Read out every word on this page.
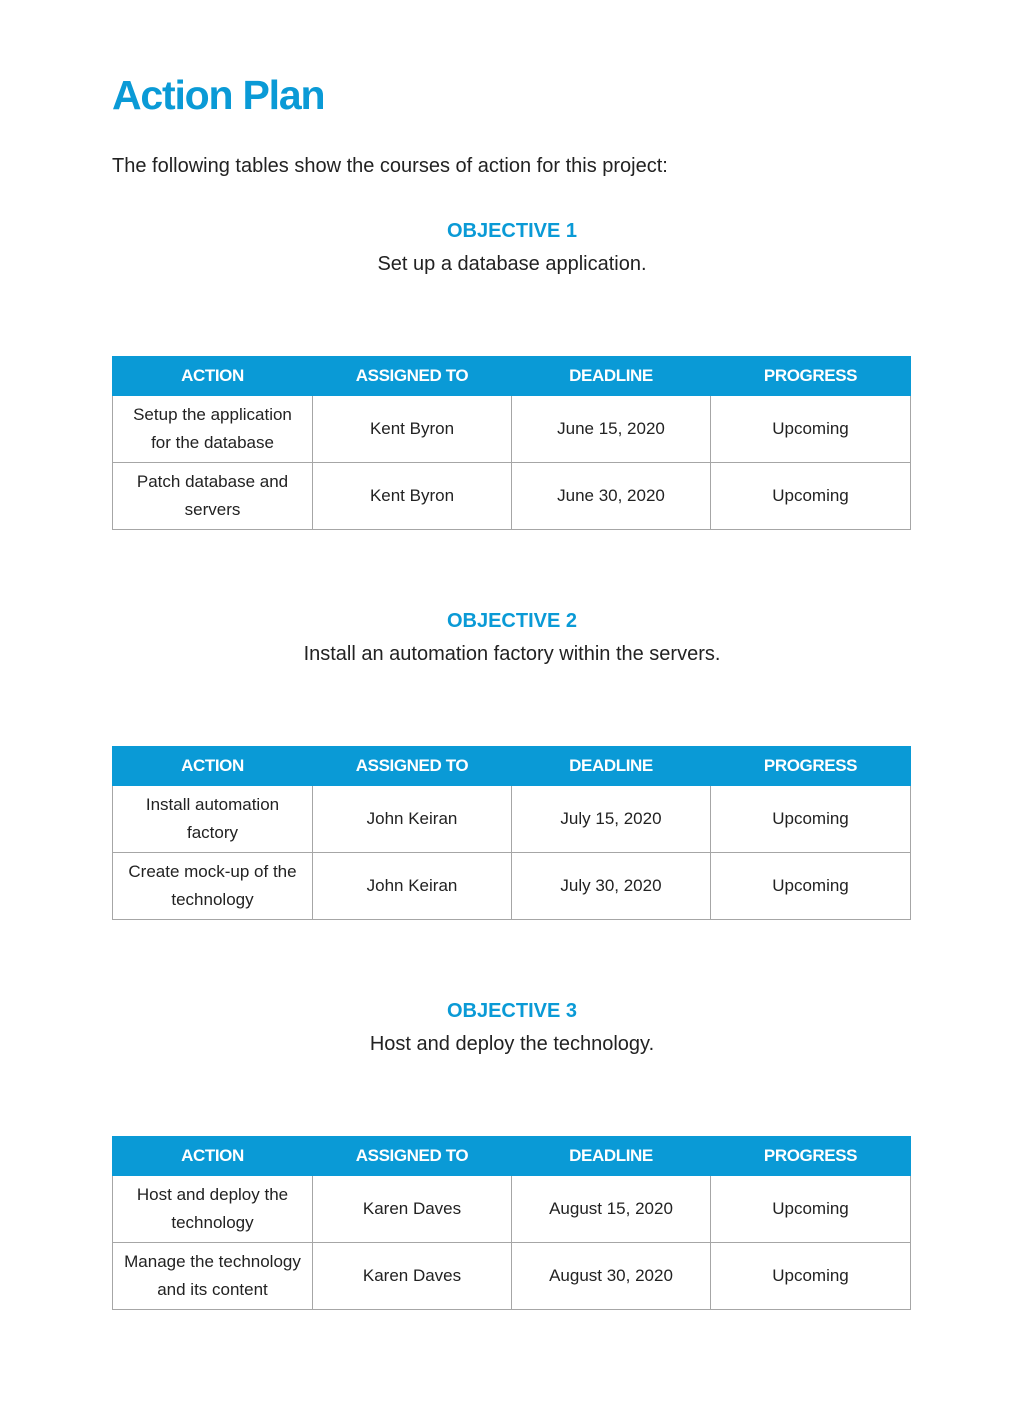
Action Plan

The following tables show the courses of action for this project:

OBJECTIVE 1
Set up a database application.
ACTION	ASSIGNED TO	DEADLINE	PROGRESS
Setup the application for the database	Kent Byron	June 15, 2020	Upcoming
Patch database and servers	Kent Byron	June 30, 2020	Upcoming
OBJECTIVE 2
Install an automation factory within the servers.
ACTION	ASSIGNED TO	DEADLINE	PROGRESS
Install automation factory	John Keiran	July 15, 2020	Upcoming
Create mock-up of the technology	John Keiran	July 30, 2020	Upcoming
OBJECTIVE 3
Host and deploy the technology.
ACTION	ASSIGNED TO	DEADLINE	PROGRESS
Host and deploy the technology	Karen Daves	August 15, 2020	Upcoming
Manage the technology and its content	Karen Daves	August 30, 2020	Upcoming
